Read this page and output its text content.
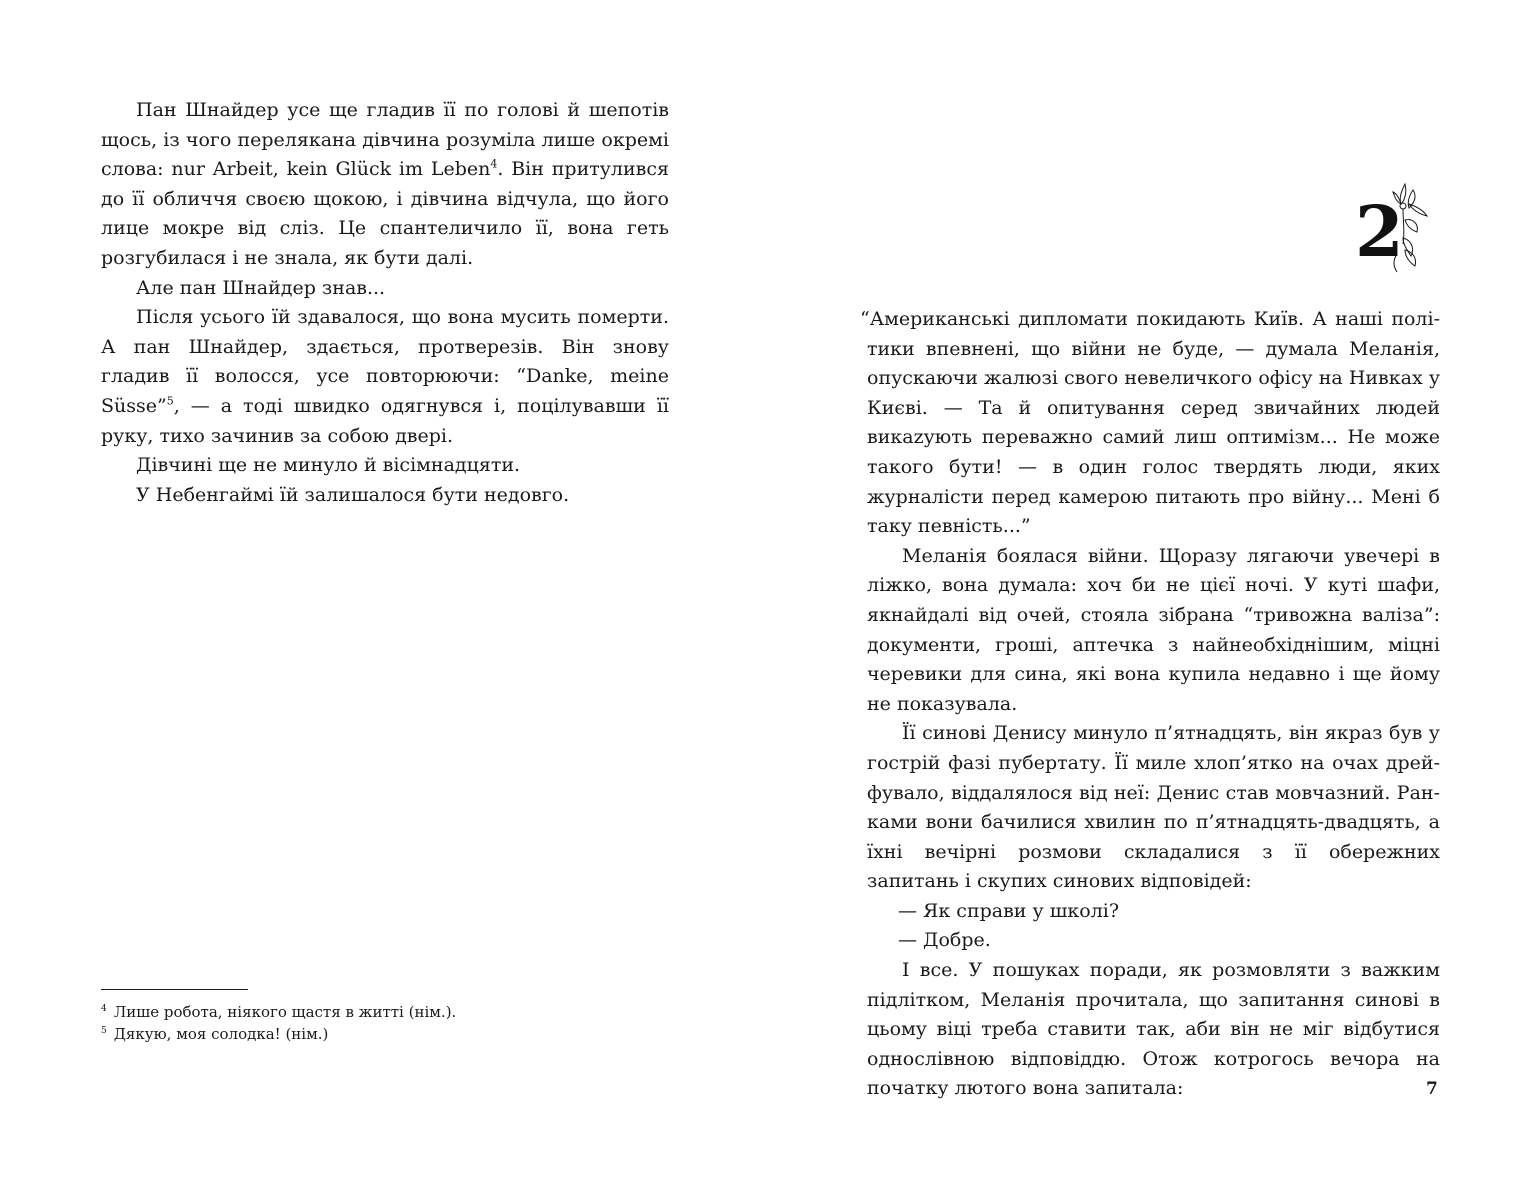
Пан Шнайдер усе ще гладив її по голові й шепотів щось, із чого перелякана дівчина розуміла лише окремі слова: nur Arbeit, kein Glück im Leben$^4$. Він притулився до її обличчя своєю щокою, і дівчина відчула, що його лице мокре від сліз. Це спантеличило її, вона геть розгубилася і не знала, як бути далі.

Але пан Шнайдер знав...

Після усього їй здавалося, що вона мусить померти. А пан Шнайдер, здається, протверезів. Він знову гладив її волосся, усе повторюючи: “Danke, meine Süsse”$^5$, — а тоді швидко одягнувся і, поцілувавши її руку, тихо зачинив за собою двері.

Дівчині ще не минуло й вісімнадцяти.

У Небенгаймі їй залишалося бути недовго.

$^4$ Лише робота, ніякого щастя в житті (нім.).
$^5$ Дякую, моя солодка! (нім.)
2

“Американські дипломати покидають Київ. А наші політики впевнені, що війни не буде, — думала Меланія, опускаючи жалюзі свого невеличкого офісу на Нивках у Києві. — Та й опитування серед звичайних людей викazують переважно самий лиш оптимізм... Не може такого бути! — в один голос твердять люди, яких журналісти перед камерою питають про війну... Мені б таку певність...”

Меланія боялася війни. Щоразу лягаючи увечері в ліжко, вона думала: хоч би не цієї ночі. У куті шафи, якнайдалі від очей, стояла зібрана “тривожна валіза”: документи, гроші, аптечка з найнеобхіднішим, міцні черевики для сина, які вона купила недавно і ще йому не показувала.

Її синові Денису минуло п’ятнадцять, він якраз був у гострій фазі пубертату. Її миле хлоп’ятко на очах дрейфувало, віддалялося від неї: Денис став мовчазний. Ранками вони бачилися хвилин по п’ятнадцять-двадцять, а їхні вечірні розмови складалися з її обережних запитань і скупих синових відповідей:

— Як справи у школі?

— Добре.

І все. У пошуках поради, як розмовляти з важким підлітком, Меланія прочитала, що запитання синові в цьому віці треба ставити так, аби він не міг відбутися однослівною відповіддю. Отож котрогось вечора на початку лютого вона запитала:	7
